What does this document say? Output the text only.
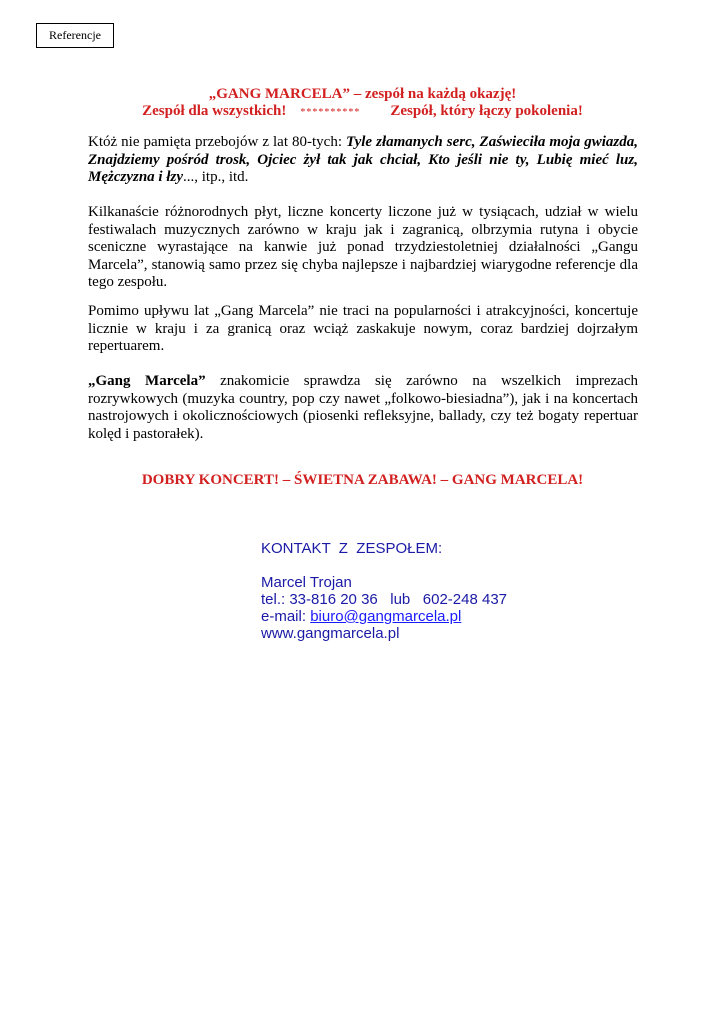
Referencje
„GANG MARCELA” – zespół na każdą okazję!
Zespół dla wszystkich! ********** Zespół, który łączy pokolenia!
Któż nie pamięta przebojów z lat 80-tych: Tyle złamanych serc, Zaświeciła moja gwiazda, Znajdziemy pośród trosk, Ojciec żył tak jak chciał, Kto jeśli nie ty, Lubię mieć luz, Mężczyzna i łzy..., itp., itd.
Kilkanaście różnorodnych płyt, liczne koncerty liczone już w tysiącach, udział w wielu festiwalach muzycznych zarówno w kraju jak i zagranicą, olbrzymia rutyna i obycie sceniczne wyrastające na kanwie już ponad trzydziestoletniej działalności „Gangu Marcela”, stanowią samo przez się chyba najlepsze i najbardziej wiarygodne referencje dla tego zespołu.
Pomimo upływu lat „Gang Marcela” nie traci na popularności i atrakcyjności, koncertuje licznie w kraju i za granicą oraz wciąż zaskakuje nowym, coraz bardziej dojrzałym repertuarem.
„Gang Marcela” znakomicie sprawdza się zarówno na wszelkich imprezach rozrywkowych (muzyka country, pop czy nawet „folkowo-biesiadna”), jak i na koncertach nastrojowych i okolicznościowych (piosenki refleksyjne, ballady, czy też bogaty repertuar kolęd i pastorałek).
DOBRY KONCERT! – ŚWIETNA ZABAWA! – GANG MARCELA!
KONTAKT  Z  ZESPOŁEM:
Marcel Trojan
tel.: 33-816 20 36   lub   602-248 437
e-mail: biuro@gangmarcela.pl
www.gangmarcela.pl
